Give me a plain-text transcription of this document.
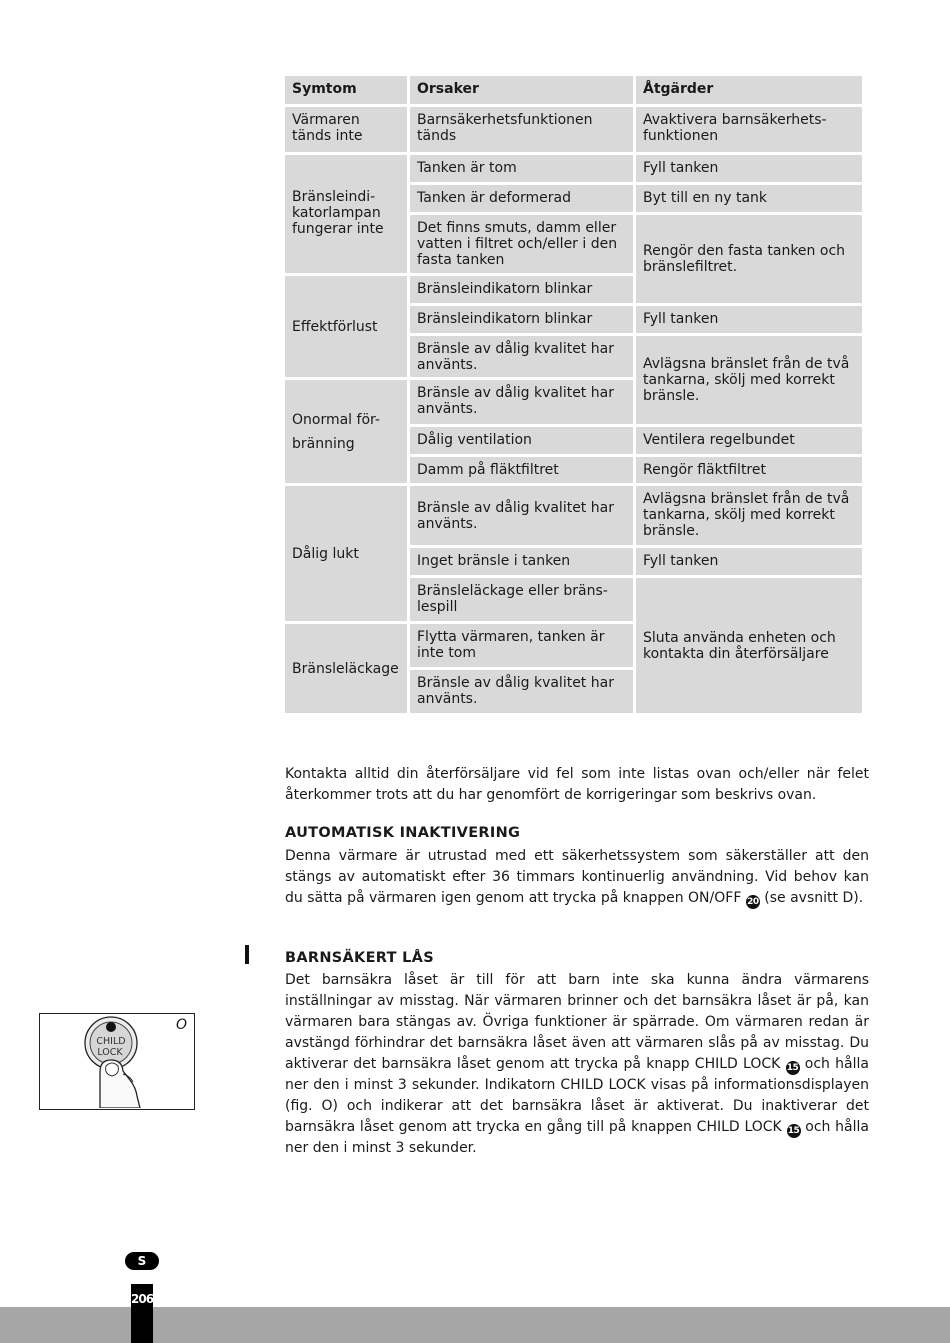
Symtom	Orsaker	Åtgärder
Värmaren tänds inte
Bränsleindi- katorlampan fungerar inte
Effektförlust
Onormal för- bränning
Dålig lukt
Bränsleläckage
Barnsäkerhetsfunktionen tänds
Tanken är tom
Tanken är deformerad
Det finns smuts, damm eller vatten i filtret och/eller i den fasta tanken
Bränsleindikatorn blinkar
Bränsleindikatorn blinkar
Bränsle av dålig kvalitet har använts.
Bränsle av dålig kvalitet har använts.
Dålig ventilation
Damm på fläktfiltret
Bränsle av dålig kvalitet har använts.
Inget bränsle i tanken
Bränsleläckage eller bräns- lespill
Flytta värmaren, tanken är inte tom
Bränsle av dålig kvalitet har använts.
Avaktivera barnsäkerhets- funktionen
Fyll tanken
Byt till en ny tank
Rengör den fasta tanken och bränslefiltret.
Fyll tanken
Avlägsna bränslet från de två tankarna, skölj med korrekt bränsle.
Ventilera regelbundet
Rengör fläktfiltret
Avlägsna bränslet från de två tankarna, skölj med korrekt bränsle.
Fyll tanken
Sluta använda enheten och kontakta din återförsäljare

Kontakta alltid din återförsäljare vid fel som inte listas ovan och/eller när felet återkommer trots att du har genomfört de korrigeringar som beskrivs ovan.

AUTOMATISK INAKTIVERING

Denna värmare är utrustad med ett säkerhetssystem som säkerställer att den stängs av automatiskt efter 36 timmars kontinuerlig användning. Vid behov kan du sätta på värmaren igen genom att trycka på knappen ON/OFF 20 (se avsnitt D).

BARNSÄKERT LÅS

Det barnsäkra låset är till för att barn inte ska kunna ändra värmarens inställningar av misstag. När värmaren brinner och det barnsäkra låset är på, kan värmaren bara stängas av. Övriga funktioner är spärrade. Om värmaren redan är avstängd förhindrar det barnsäkra låset även att värmaren slås på av misstag. Du aktiverar det barnsäkra låset genom att trycka på knapp CHILD LOCK 15 och hålla ner den i minst 3 sekunder. Indikatorn CHILD LOCK visas på informationsdisplayen (fig. O) och indikerar att det barnsäkra låset är aktiverat. Du inaktiverar det barnsäkra låset genom att trycka en gång till på knappen CHILD LOCK 15 och hålla ner den i minst 3 sekunder.

CHILD
LOCK
O
S
206
